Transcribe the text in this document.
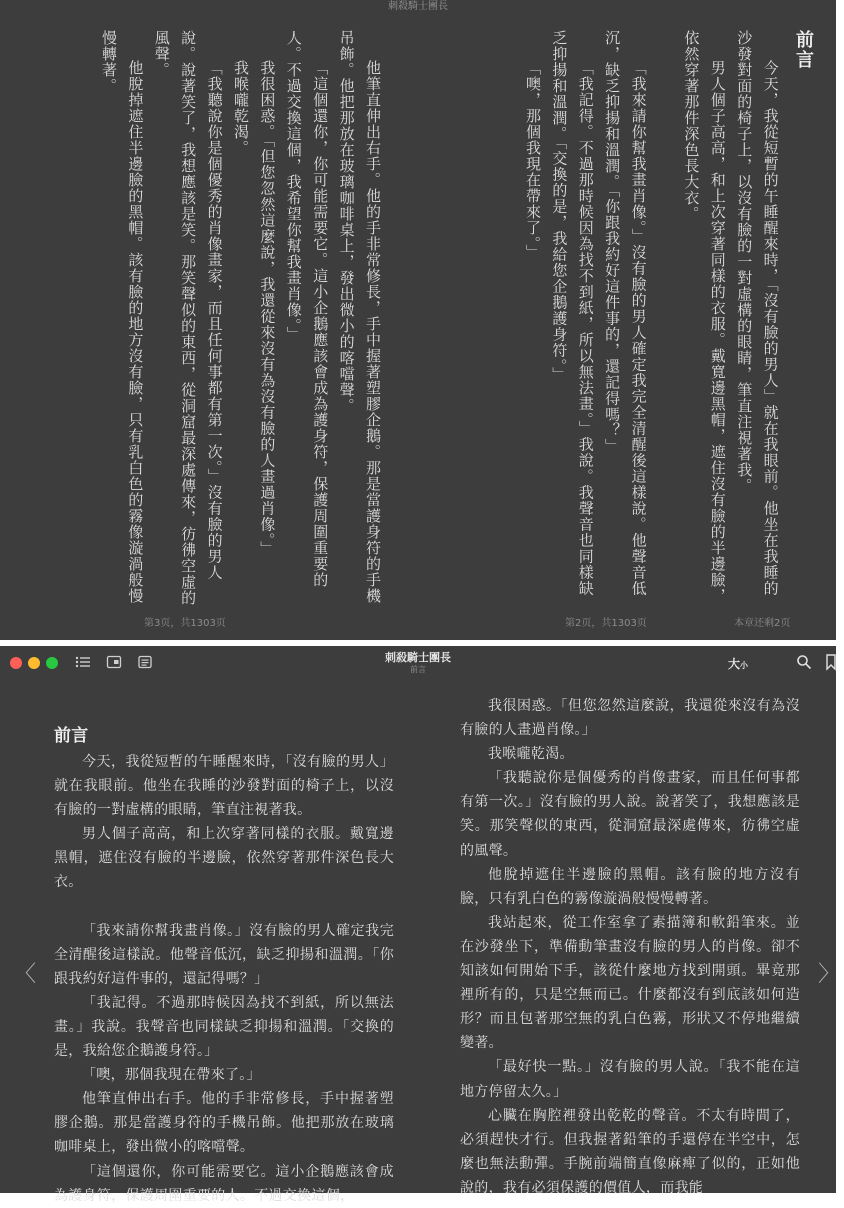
刺殺騎士團長
前言

今天，我從短暫的午睡醒來時，「沒有臉的男人」就在我眼前。他坐在我睡的沙發對面的椅子上，以沒有臉的一對虛構的眼睛，筆直注視著我。

男人個子高高，和上次穿著同樣的衣服。戴寬邊黑帽，遮住沒有臉的半邊臉，依然穿著那件深色長大衣。

「我來請你幫我畫肖像。」沒有臉的男人確定我完全清醒後這樣說。他聲音低沉，缺乏抑揚和溫潤。「你跟我約好這件事的，還記得嗎？」

「我記得。不過那時候因為找不到紙，所以無法畫。」我說。我聲音也同樣缺乏抑揚和溫潤。「交換的是，我給您企鵝護身符。」

「噢，那個我現在帶來了。」

他筆直伸出右手。他的手非常修長，手中握著塑膠企鵝。那是當護身符的手機吊飾。他把那放在玻璃咖啡桌上，發出微小的喀噹聲。

「這個還你，你可能需要它。這小企鵝應該會成為護身符，保護周圍重要的人。不過交換這個，我希望你幫我畫肖像。」

我很困惑。「但您忽然這麼說，我還從來沒有為沒有臉的人畫過肖像。」

我喉嚨乾渴。

「我聽說你是個優秀的肖像畫家，而且任何事都有第一次。」沒有臉的男人說。說著笑了，我想應該是笑。那笑聲似的東西，從洞窟最深處傳來，彷彿空虛的風聲。

他脫掉遮住半邊臉的黑帽。該有臉的地方沒有臉，只有乳白色的霧像漩渦般慢慢轉著。

第3页，共1303页	第2页，共1303页	本章还剩2页
刺殺騎士團長
前言	大小
〈	〉
前言

今天，我從短暫的午睡醒來時，「沒有臉的男人」就在我眼前。他坐在我睡的沙發對面的椅子上，以沒有臉的一對虛構的眼睛，筆直注視著我。

男人個子高高，和上次穿著同樣的衣服。戴寬邊黑帽，遮住沒有臉的半邊臉，依然穿著那件深色長大衣。

「我來請你幫我畫肖像。」沒有臉的男人確定我完全清醒後這樣說。他聲音低沉，缺乏抑揚和溫潤。「你跟我約好這件事的，還記得嗎？」

「我記得。不過那時候因為找不到紙，所以無法畫。」我說。我聲音也同樣缺乏抑揚和溫潤。「交換的是，我給您企鵝護身符。」

「噢，那個我現在帶來了。」

他筆直伸出右手。他的手非常修長，手中握著塑膠企鵝。那是當護身符的手機吊飾。他把那放在玻璃咖啡桌上，發出微小的喀噹聲。

「這個還你，你可能需要它。這小企鵝應該會成為護身符，保護周圍重要的人。不過交換這個，

我很困惑。「但您忽然這麼說，我還從來沒有為沒有臉的人畫過肖像。」

我喉嚨乾渴。

「我聽說你是個優秀的肖像畫家，而且任何事都有第一次。」沒有臉的男人說。說著笑了，我想應該是笑。那笑聲似的東西，從洞窟最深處傳來，彷彿空虛的風聲。

他脫掉遮住半邊臉的黑帽。該有臉的地方沒有臉，只有乳白色的霧像漩渦般慢慢轉著。

我站起來，從工作室拿了素描簿和軟鉛筆來。並在沙發坐下，準備動筆畫沒有臉的男人的肖像。卻不知該如何開始下手，該從什麼地方找到開頭。畢竟那裡所有的，只是空無而已。什麼都沒有到底該如何造形？而且包著那空無的乳白色霧，形狀又不停地繼續變著。

「最好快一點。」沒有臉的男人說。「我不能在這地方停留太久。」

心臟在胸腔裡發出乾乾的聲音。不太有時間了，必須趕快才行。但我握著鉛筆的手還停在半空中，怎麼也無法動彈。手腕前端簡直像麻痺了似的，正如他說的，我有必須保護的價值人，而我能
